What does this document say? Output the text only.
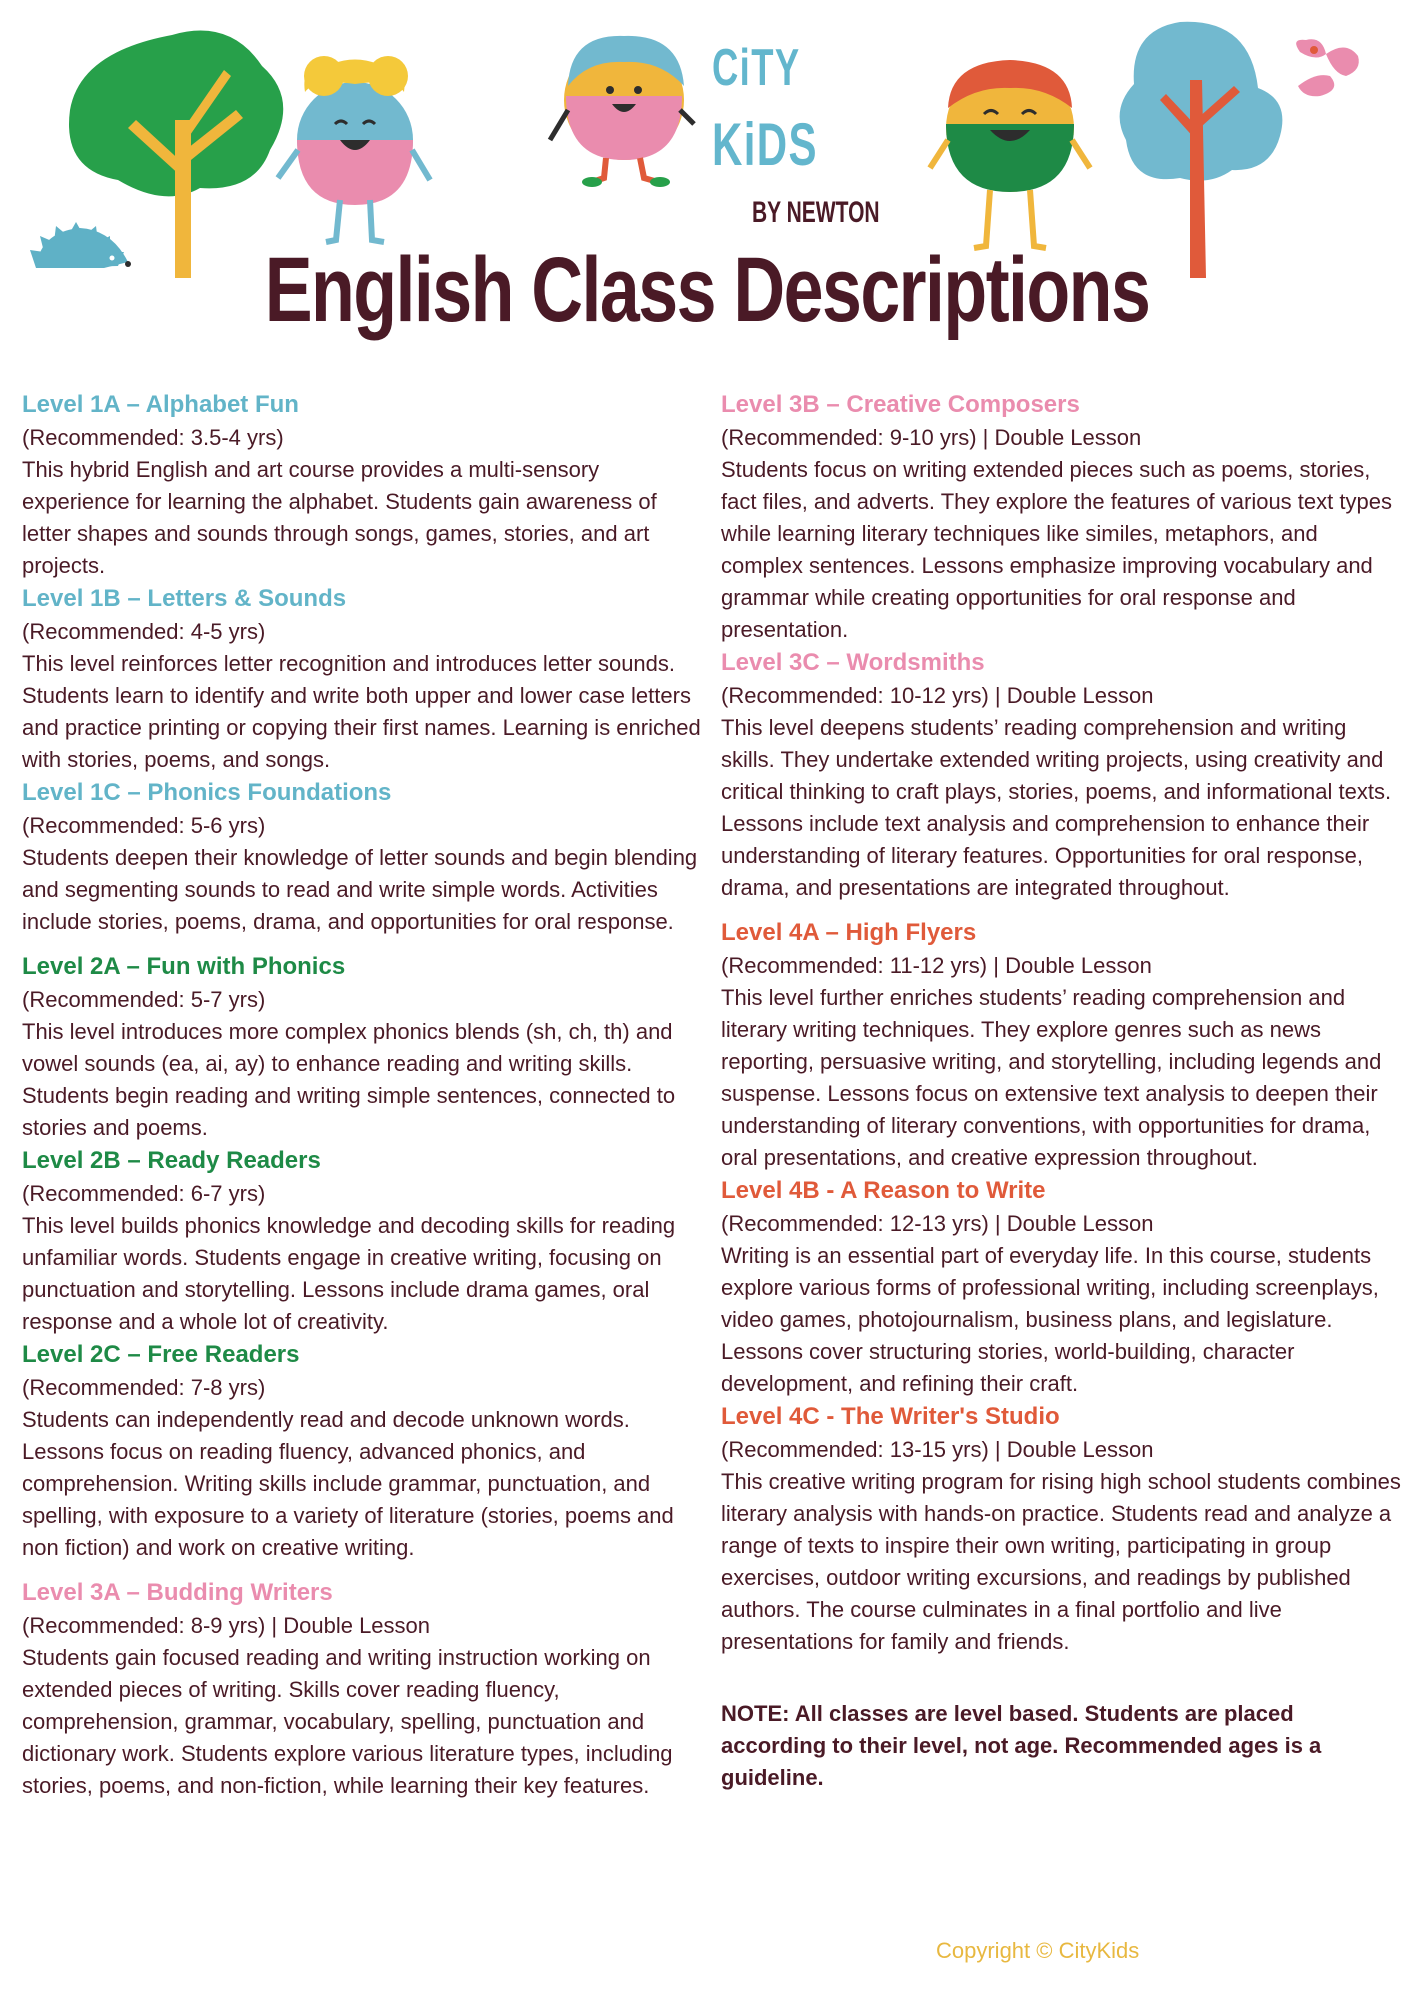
CiTY
KiDS
BY NEWTON
English Class Descriptions
Level 1A – Alphabet Fun

(Recommended: 3.5-4 yrs)

This hybrid English and art course provides a multi-sensory experience for learning the alphabet. Students gain awareness of letter shapes and sounds through songs, games, stories, and art projects.

Level 1B – Letters & Sounds

(Recommended: 4-5 yrs)

This level reinforces letter recognition and introduces letter sounds. Students learn to identify and write both upper and lower case letters and practice printing or copying their first names. Learning is enriched with stories, poems, and songs.

Level 1C – Phonics Foundations

(Recommended: 5-6 yrs)

Students deepen their knowledge of letter sounds and begin blending and segmenting sounds to read and write simple words. Activities include stories, poems, drama, and opportunities for oral response.

Level 2A – Fun with Phonics

(Recommended: 5-7 yrs)

This level introduces more complex phonics blends (sh, ch, th) and vowel sounds (ea, ai, ay) to enhance reading and writing skills. Students begin reading and writing simple sentences, connected to stories and poems.

Level 2B – Ready Readers

(Recommended: 6-7 yrs)

This level builds phonics knowledge and decoding skills for reading unfamiliar words. Students engage in creative writing, focusing on punctuation and storytelling. Lessons include drama games, oral response and a whole lot of creativity.

Level 2C – Free Readers

(Recommended: 7-8 yrs)

Students can independently read and decode unknown words. Lessons focus on reading fluency, advanced phonics, and comprehension. Writing skills include grammar, punctuation, and spelling, with exposure to a variety of literature (stories, poems and non fiction) and work on creative writing.

Level 3A – Budding Writers

(Recommended: 8-9 yrs) | Double Lesson

Students gain focused reading and writing instruction working on extended pieces of writing. Skills cover reading fluency, comprehension, grammar, vocabulary, spelling, punctuation and dictionary work. Students explore various literature types, including stories, poems, and non-fiction, while learning their key features.

Level 3B – Creative Composers

(Recommended: 9-10 yrs) | Double Lesson

Students focus on writing extended pieces such as poems, stories, fact files, and adverts. They explore the features of various text types while learning literary techniques like similes, metaphors, and complex sentences. Lessons emphasize improving vocabulary and grammar while creating opportunities for oral response and presentation.

Level 3C – Wordsmiths

(Recommended: 10-12 yrs) | Double Lesson

This level deepens students’ reading comprehension and writing skills. They undertake extended writing projects, using creativity and critical thinking to craft plays, stories, poems, and informational texts. Lessons include text analysis and comprehension to enhance their understanding of literary features. Opportunities for oral response, drama, and presentations are integrated throughout.

Level 4A – High Flyers

(Recommended: 11-12 yrs) | Double Lesson

This level further enriches students’ reading comprehension and literary writing techniques. They explore genres such as news reporting, persuasive writing, and storytelling, including legends and suspense. Lessons focus on extensive text analysis to deepen their understanding of literary conventions, with opportunities for drama, oral presentations, and creative expression throughout.

Level 4B - A Reason to Write

(Recommended: 12-13 yrs) | Double Lesson

Writing is an essential part of everyday life. In this course, students explore various forms of professional writing, including screenplays, video games, photojournalism, business plans, and legislature. Lessons cover structuring stories, world-building, character development, and refining their craft.

Level 4C - The Writer's Studio

(Recommended: 13-15 yrs) | Double Lesson

This creative writing program for rising high school students combines literary analysis with hands-on practice. Students read and analyze a range of texts to inspire their own writing, participating in group exercises, outdoor writing excursions, and readings by published authors. The course culminates in a final portfolio and live presentations for family and friends.

NOTE: All classes are level based. Students are placed according to their level, not age. Recommended ages is a guideline.

Copyright © CityKids
